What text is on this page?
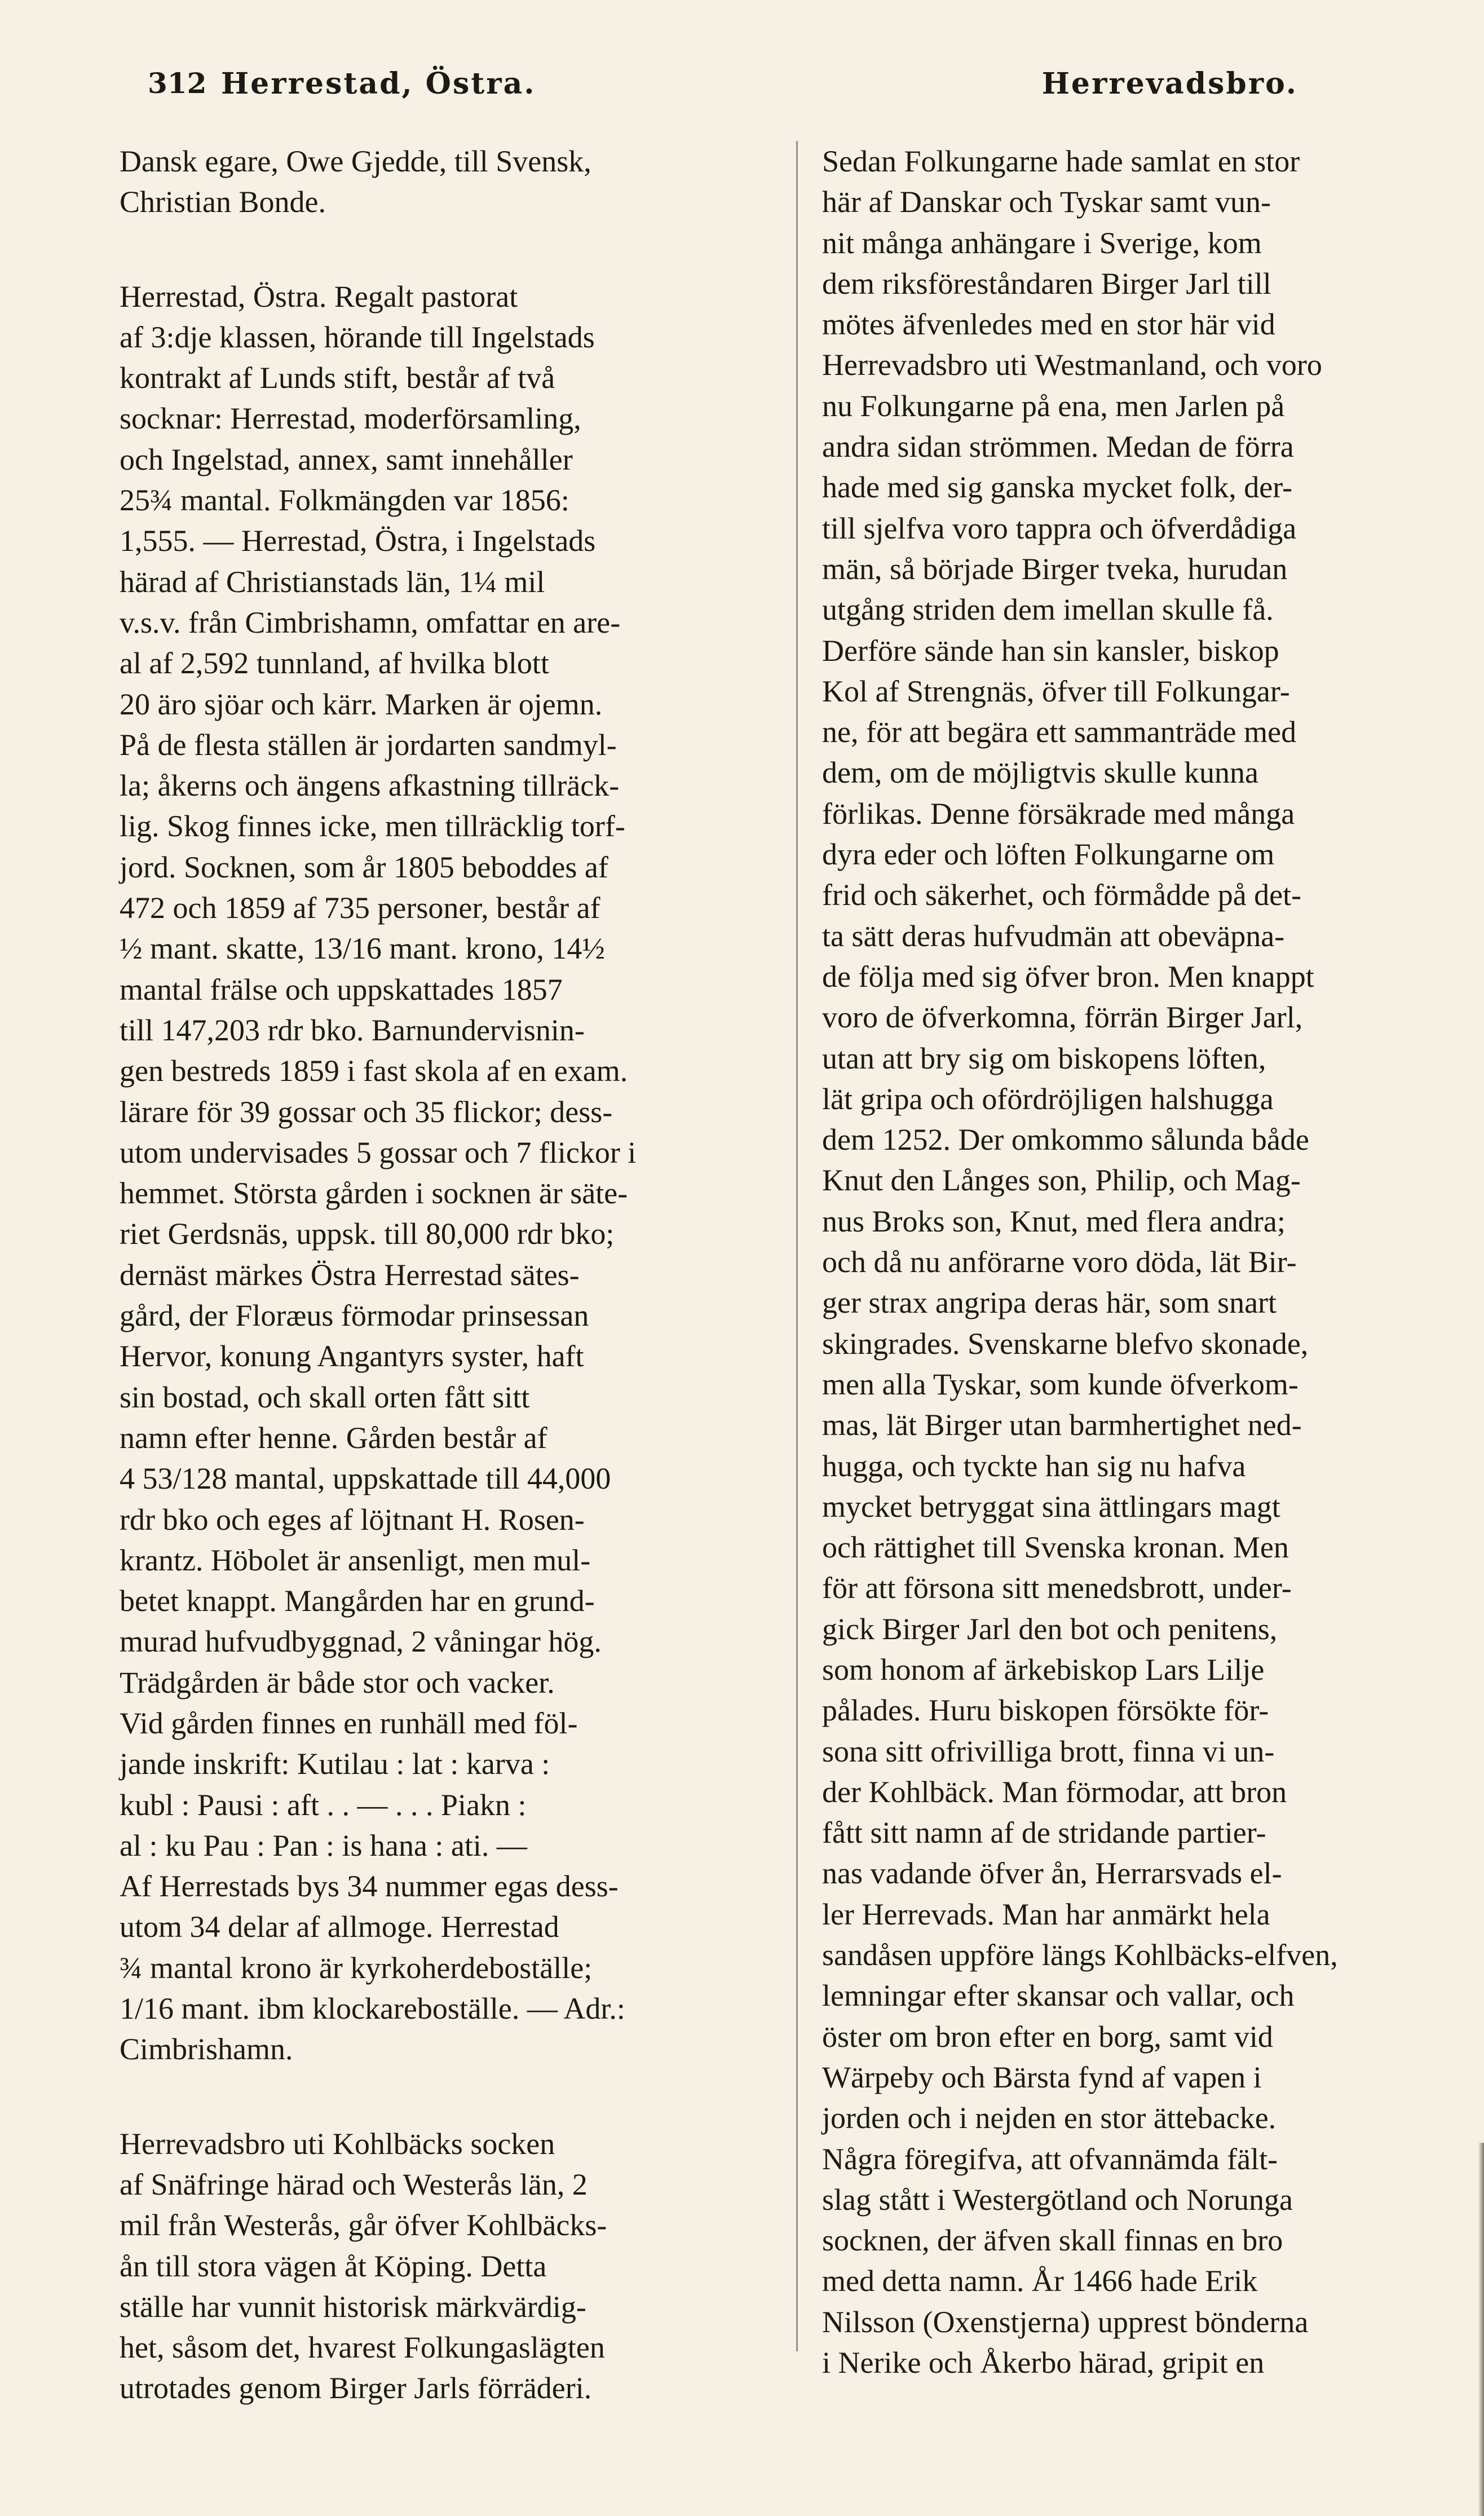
312 Herrestad, Östra.	Herrevadsbro.
Dansk egare, Owe Gjedde, till Svensk,
Christian Bonde.
Herrestad, Östra. Regalt pastorat
af 3:dje klassen, hörande till Ingelstads
kontrakt af Lunds stift, består af två
socknar: Herrestad, moderförsamling,
och Ingelstad, annex, samt innehåller
25¾ mantal. Folkmängden var 1856:
1,555. — Herrestad, Östra, i Ingelstads
härad af Christianstads län, 1¼ mil
v.s.v. från Cimbrishamn, omfattar en are-
al af 2,592 tunnland, af hvilka blott
20 äro sjöar och kärr. Marken är ojemn.
På de flesta ställen är jordarten sandmyl-
la; åkerns och ängens afkastning tillräck-
lig. Skog finnes icke, men tillräcklig torf-
jord. Socknen, som år 1805 beboddes af
472 och 1859 af 735 personer, består af
½ mant. skatte, 13/16 mant. krono, 14½
mantal frälse och uppskattades 1857
till 147,203 rdr bko. Barnundervisnin-
gen bestreds 1859 i fast skola af en exam.
lärare för 39 gossar och 35 flickor; dess-
utom undervisades 5 gossar och 7 flickor i
hemmet. Största gården i socknen är säte-
riet Gerdsnäs, uppsk. till 80,000 rdr bko;
dernäst märkes Östra Herrestad sätes-
gård, der Floræus förmodar prinsessan
Hervor, konung Angantyrs syster, haft
sin bostad, och skall orten fått sitt
namn efter henne. Gården består af
4 53/128 mantal, uppskattade till 44,000
rdr bko och eges af löjtnant H. Rosen-
krantz. Höbolet är ansenligt, men mul-
betet knappt. Mangården har en grund-
murad hufvudbyggnad, 2 våningar hög.
Trädgården är både stor och vacker.
Vid gården finnes en runhäll med föl-
jande inskrift: Kutilau : lat : karva :
kubl : Pausi : aft . . — . . . Piakn :
al : ku Pau : Pan : is hana : ati. —
Af Herrestads bys 34 nummer egas dess-
utom 34 delar af allmoge. Herrestad
¾ mantal krono är kyrkoherdeboställe;
1/16 mant. ibm klockareboställe. — Adr.:
Cimbrishamn.
Herrevadsbro uti Kohlbäcks socken
af Snäfringe härad och Westerås län, 2
mil från Westerås, går öfver Kohlbäcks-
ån till stora vägen åt Köping. Detta
ställe har vunnit historisk märkvärdig-
het, såsom det, hvarest Folkungaslägten
utrotades genom Birger Jarls förräderi.
Sedan Folkungarne hade samlat en stor
här af Danskar och Tyskar samt vun-
nit många anhängare i Sverige, kom
dem riksföreståndaren Birger Jarl till
mötes äfvenledes med en stor här vid
Herrevadsbro uti Westmanland, och voro
nu Folkungarne på ena, men Jarlen på
andra sidan strömmen. Medan de förra
hade med sig ganska mycket folk, der-
till sjelfva voro tappra och öfverdådiga
män, så började Birger tveka, hurudan
utgång striden dem imellan skulle få.
Derföre sände han sin kansler, biskop
Kol af Strengnäs, öfver till Folkungar-
ne, för att begära ett sammanträde med
dem, om de möjligtvis skulle kunna
förlikas. Denne försäkrade med många
dyra eder och löften Folkungarne om
frid och säkerhet, och förmådde på det-
ta sätt deras hufvudmän att obeväpna-
de följa med sig öfver bron. Men knappt
voro de öfverkomna, förrän Birger Jarl,
utan att bry sig om biskopens löften,
lät gripa och ofördröjligen halshugga
dem 1252. Der omkommo sålunda både
Knut den Långes son, Philip, och Mag-
nus Broks son, Knut, med flera andra;
och då nu anförarne voro döda, lät Bir-
ger strax angripa deras här, som snart
skingrades. Svenskarne blefvo skonade,
men alla Tyskar, som kunde öfverkom-
mas, lät Birger utan barmhertighet ned-
hugga, och tyckte han sig nu hafva
mycket betryggat sina ättlingars magt
och rättighet till Svenska kronan. Men
för att försona sitt menedsbrott, under-
gick Birger Jarl den bot och penitens,
som honom af ärkebiskop Lars Lilje
pålades. Huru biskopen försökte för-
sona sitt ofrivilliga brott, finna vi un-
der Kohlbäck. Man förmodar, att bron
fått sitt namn af de stridande partier-
nas vadande öfver ån, Herrarsvads el-
ler Herrevads. Man har anmärkt hela
sandåsen uppföre längs Kohlbäcks-elfven,
lemningar efter skansar och vallar, och
öster om bron efter en borg, samt vid
Wärpeby och Bärsta fynd af vapen i
jorden och i nejden en stor ättebacke.
Några föregifva, att ofvannämda fält-
slag stått i Westergötland och Norunga
socknen, der äfven skall finnas en bro
med detta namn. År 1466 hade Erik
Nilsson (Oxenstjerna) upprest bönderna
i Nerike och Åkerbo härad, gripit en
